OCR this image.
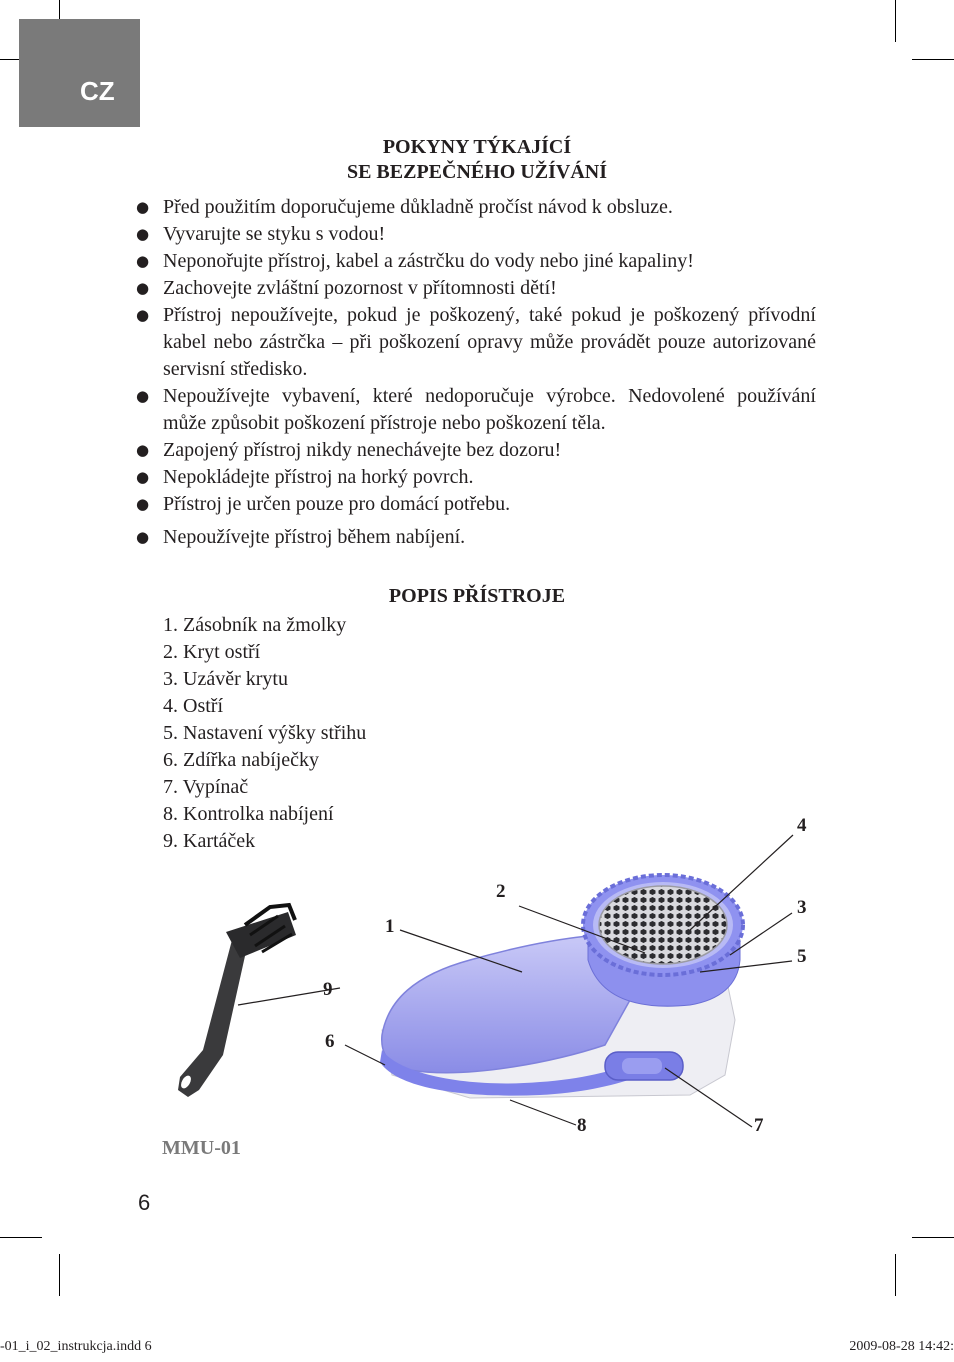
CZ
POKYNY TÝKAJÍCÍ
SE BEZPEČNÉHO UŽÍVÁNÍ
● Před použitím doporučujeme důkladně pročíst návod k obsluze.
● Vyvarujte se styku s vodou!
● Neponořujte přístroj, kabel a zástrčku do vody nebo jiné kapaliny!
● Zachovejte zvláštní pozornost v přítomnosti dětí!
● Přístroj nepoužívejte, pokud je poškozený, také pokud je poškozený přívodní kabel nebo zástrčka – při poškození opravy může provádět pouze autorizované servisní středisko.
● Nepoužívejte vybavení, které nedoporučuje výrobce. Nedovolené používání může způsobit poškození přístroje nebo poškození těla.
● Zapojený přístroj nikdy nenechávejte bez dozoru!
● Nepokládejte přístroj na horký povrch.
● Přístroj je určen pouze pro domácí potřebu.
● Nepoužívejte přístroj během nabíjení.
POPIS PŘÍSTROJE
1. Zásobník na žmolky
2. Kryt ostří
3. Uzávěr krytu
4. Ostří
5. Nastavení výšky střihu
6. Zdířka nabíječky
7. Vypínač
8. Kontrolka nabíjení
9. Kartáček
2
1
4
3
5
9
6
8	7
MMU-01
6
-01_i_02_instrukcja.indd 6	2009-08-28 14:42:
